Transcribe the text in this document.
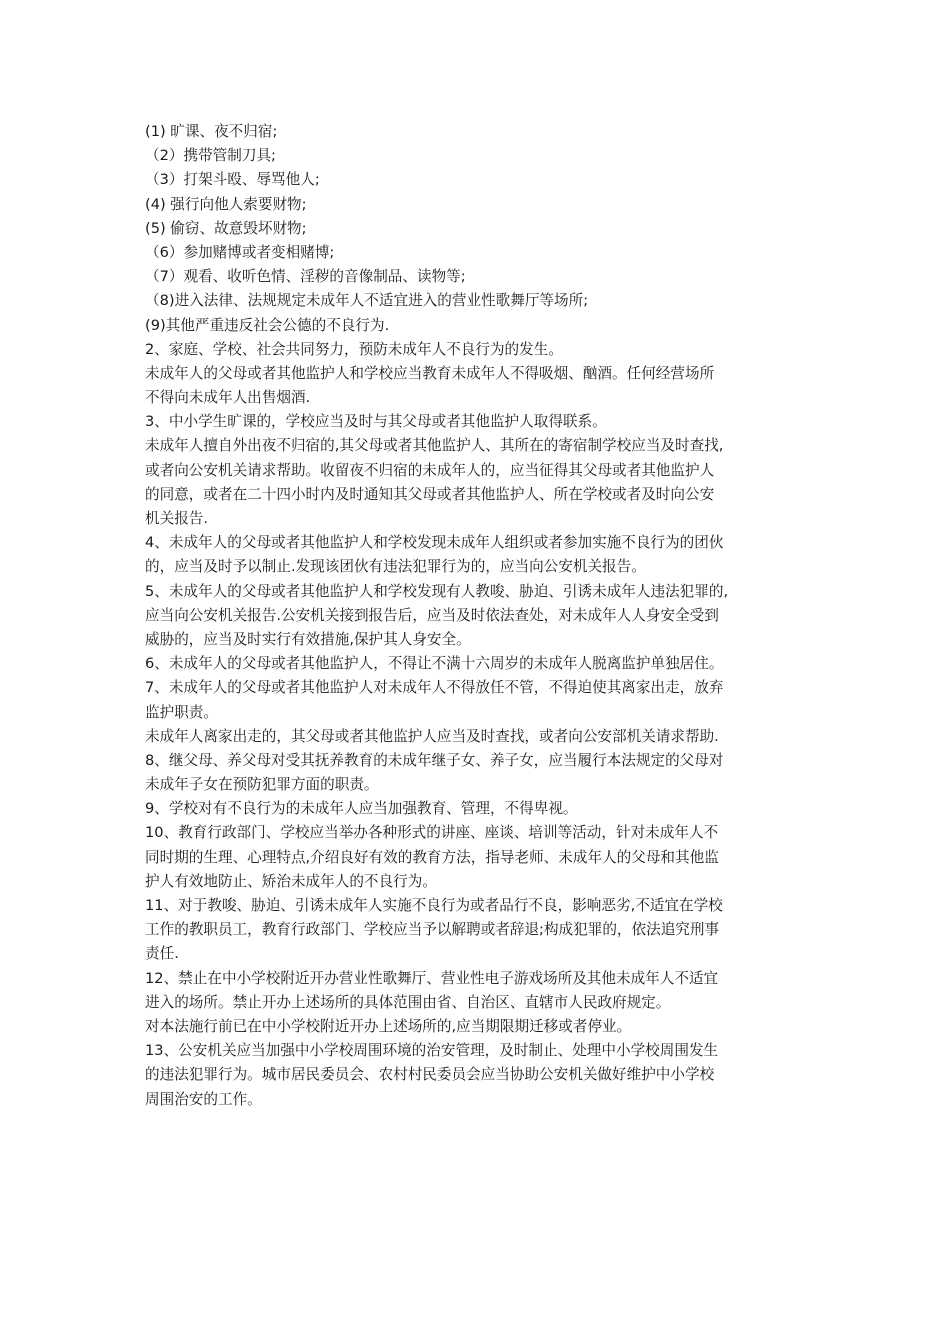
(1) 旷课、夜不归宿;
（2）携带管制刀具;
（3）打架斗殴、辱骂他人;
(4) 强行向他人索要财物;
(5) 偷窃、故意毁坏财物;
（6）参加赌博或者变相赌博;
（7）观看、收听色情、淫秽的音像制品、读物等;
（8)进入法律、法规规定未成年人不适宜进入的营业性歌舞厅等场所;
(9)其他严重违反社会公德的不良行为.
2、家庭、学校、社会共同努力，预防未成年人不良行为的发生。
未成年人的父母或者其他监护人和学校应当教育未成年人不得吸烟、酗酒。任何经营场所
不得向未成年人出售烟酒.
3、中小学生旷课的，学校应当及时与其父母或者其他监护人取得联系。
未成年人擅自外出夜不归宿的,其父母或者其他监护人、其所在的寄宿制学校应当及时查找,
或者向公安机关请求帮助。收留夜不归宿的未成年人的，应当征得其父母或者其他监护人
的同意，或者在二十四小时内及时通知其父母或者其他监护人、所在学校或者及时向公安
机关报告.
4、未成年人的父母或者其他监护人和学校发现未成年人组织或者参加实施不良行为的团伙
的，应当及时予以制止.发现该团伙有违法犯罪行为的，应当向公安机关报告。
5、未成年人的父母或者其他监护人和学校发现有人教唆、胁迫、引诱未成年人违法犯罪的,
应当向公安机关报告.公安机关接到报告后，应当及时依法查处，对未成年人人身安全受到
威胁的，应当及时实行有效措施,保护其人身安全。
6、未成年人的父母或者其他监护人，不得让不满十六周岁的未成年人脱离监护单独居住。
7、未成年人的父母或者其他监护人对未成年人不得放任不管，不得迫使其离家出走，放弃
监护职责。
未成年人离家出走的，其父母或者其他监护人应当及时查找，或者向公安部机关请求帮助.
8、继父母、养父母对受其抚养教育的未成年继子女、养子女，应当履行本法规定的父母对
未成年子女在预防犯罪方面的职责。
9、学校对有不良行为的未成年人应当加强教育、管理，不得卑视。
10、教育行政部门、学校应当举办各种形式的讲座、座谈、培训等活动，针对未成年人不
同时期的生理、心理特点,介绍良好有效的教育方法，指导老师、未成年人的父母和其他监
护人有效地防止、矫治未成年人的不良行为。
11、对于教唆、胁迫、引诱未成年人实施不良行为或者品行不良，影响恶劣,不适宜在学校
工作的教职员工，教育行政部门、学校应当予以解聘或者辞退;构成犯罪的，依法追究刑事
责任.
12、禁止在中小学校附近开办营业性歌舞厅、营业性电子游戏场所及其他未成年人不适宜
进入的场所。禁止开办上述场所的具体范围由省、自治区、直辖市人民政府规定。
对本法施行前已在中小学校附近开办上述场所的,应当期限期迁移或者停业。
13、公安机关应当加强中小学校周围环境的治安管理，及时制止、处理中小学校周围发生
的违法犯罪行为。城市居民委员会、农村村民委员会应当协助公安机关做好维护中小学校
周围治安的工作。
